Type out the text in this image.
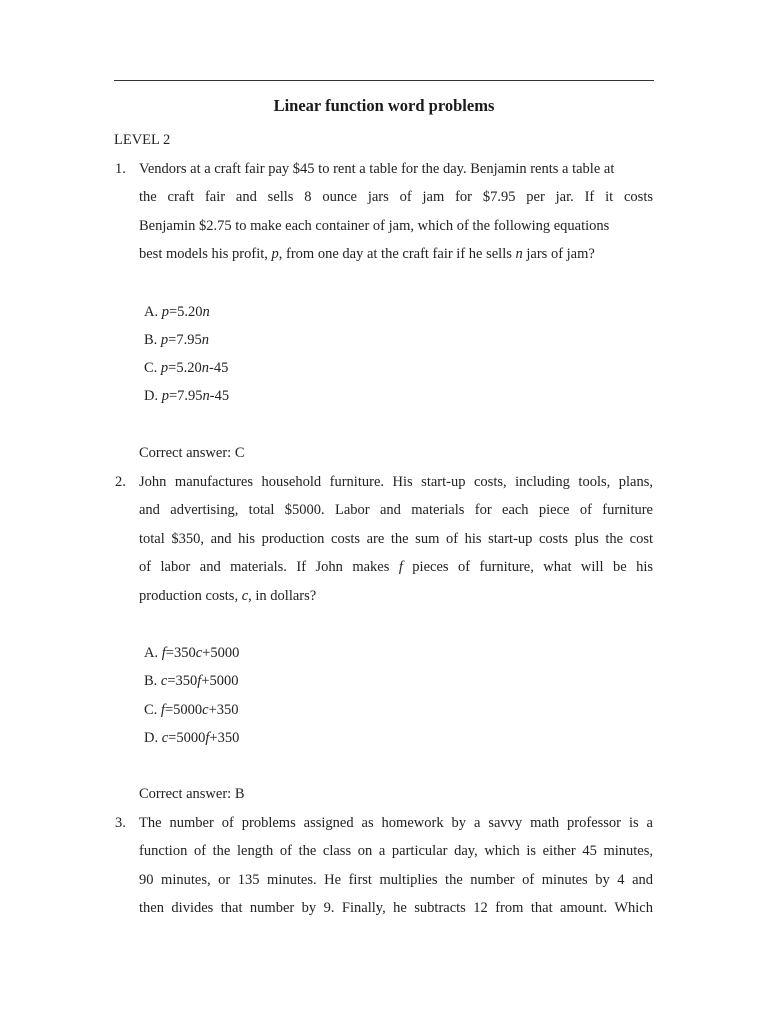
Linear function word problems
LEVEL 2
1. Vendors at a craft fair pay $45 to rent a table for the day. Benjamin rents a table at
the craft fair and sells 8 ounce jars of jam for $7.95 per jar. If it costs
Benjamin $2.75 to make each container of jam, which of the following equations
best models his profit, p, from one day at the craft fair if he sells n jars of jam?
A. p=5.20n
B. p=7.95n
C. p=5.20n-45
D. p=7.95n-45
Correct answer: C
2. John manufactures household furniture. His start-up costs, including tools, plans,
and advertising, total $5000. Labor and materials for each piece of furniture
total $350, and his production costs are the sum of his start-up costs plus the cost
of labor and materials. If John makes f pieces of furniture, what will be his
production costs, c, in dollars?
A. f=350c+5000
B. c=350f+5000
C. f=5000c+350
D. c=5000f+350
Correct answer: B
3. The number of problems assigned as homework by a savvy math professor is a
function of the length of the class on a particular day, which is either 45 minutes,
90 minutes, or 135 minutes. He first multiplies the number of minutes by 4 and
then divides that number by 9. Finally, he subtracts 12 from that amount. Which
